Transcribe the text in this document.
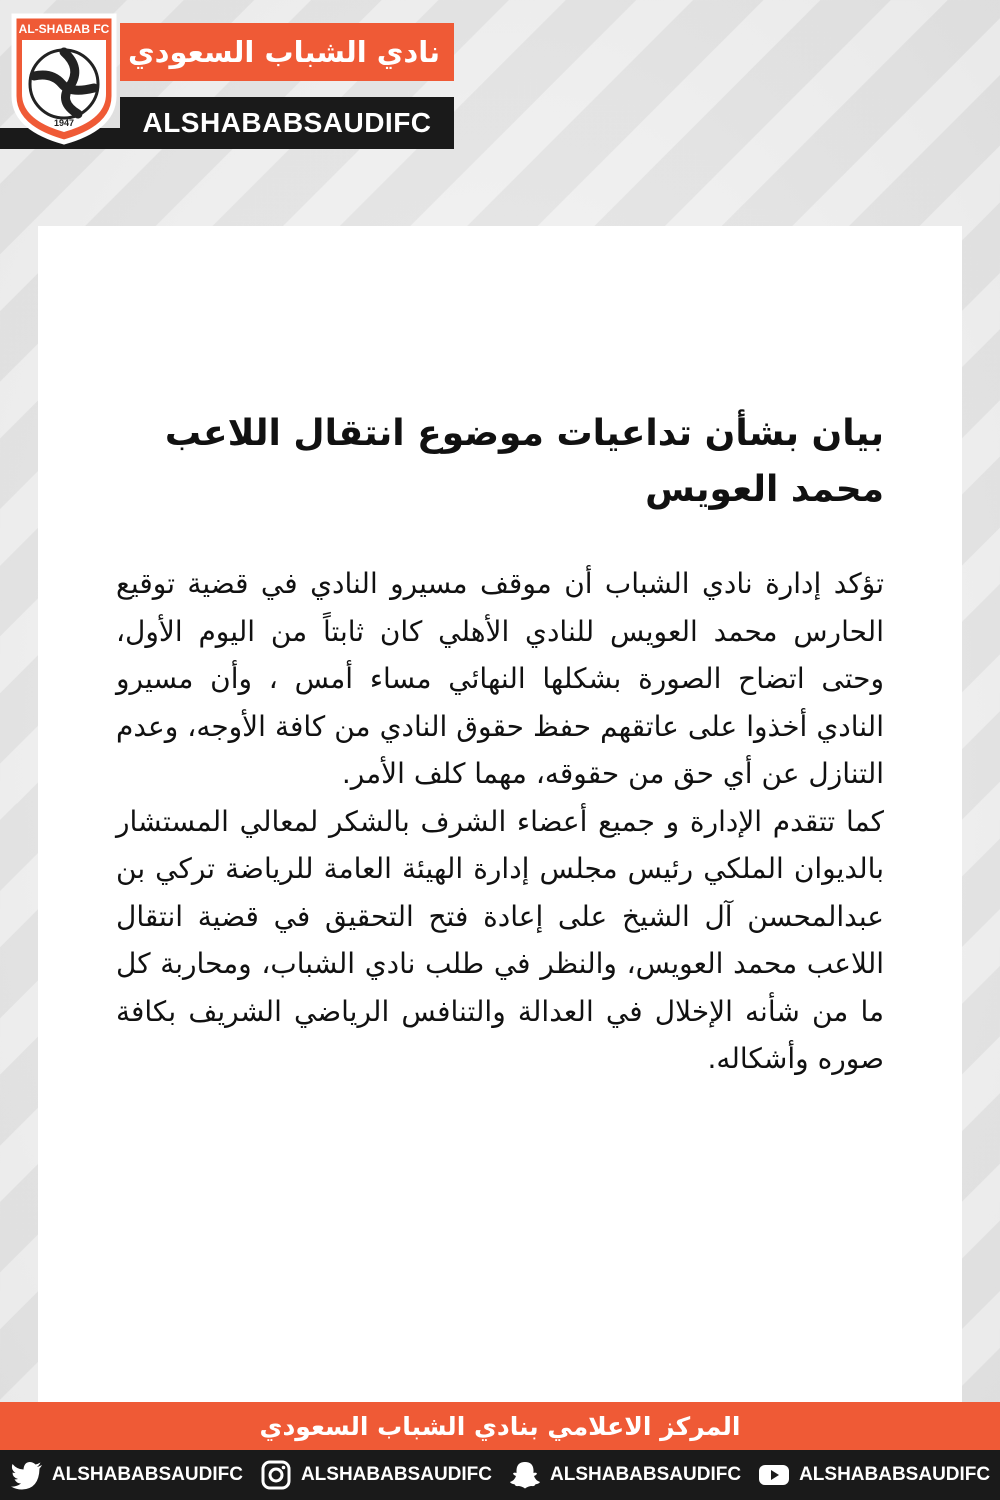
AL-SHABAB FC
1947
نادي الشباب السعودي
ALSHABABSAUDIFC
بيان بشأن تداعيات موضوع انتقال اللاعب
محمد العويس

تؤكد إدارة نادي الشباب أن موقف مسيرو النادي في قضية توقيع الحارس محمد العويس للنادي الأهلي كان ثابتاً من اليوم الأول، وحتى اتضاح الصورة بشكلها النهائي مساء أمس ، وأن مسيرو النادي أخذوا على عاتقهم حفظ حقوق النادي من كافة الأوجه، وعدم التنازل عن أي حق من حقوقه، مهما كلف الأمر.

كما تتقدم الإدارة و جميع أعضاء الشرف بالشكر لمعالي المستشار بالديوان الملكي رئيس مجلس إدارة الهيئة العامة للرياضة تركي بن عبدالمحسن آل الشيخ على إعادة فتح التحقيق في قضية انتقال اللاعب محمد العويس، والنظر في طلب نادي الشباب، ومحاربة كل ما من شأنه الإخلال في العدالة والتنافس الرياضي الشريف بكافة صوره وأشكاله.

المركز الاعلامي بنادي الشباب السعودي
ALSHABABSAUDIFC	ALSHABABSAUDIFC	ALSHABABSAUDIFC	ALSHABABSAUDIFC
